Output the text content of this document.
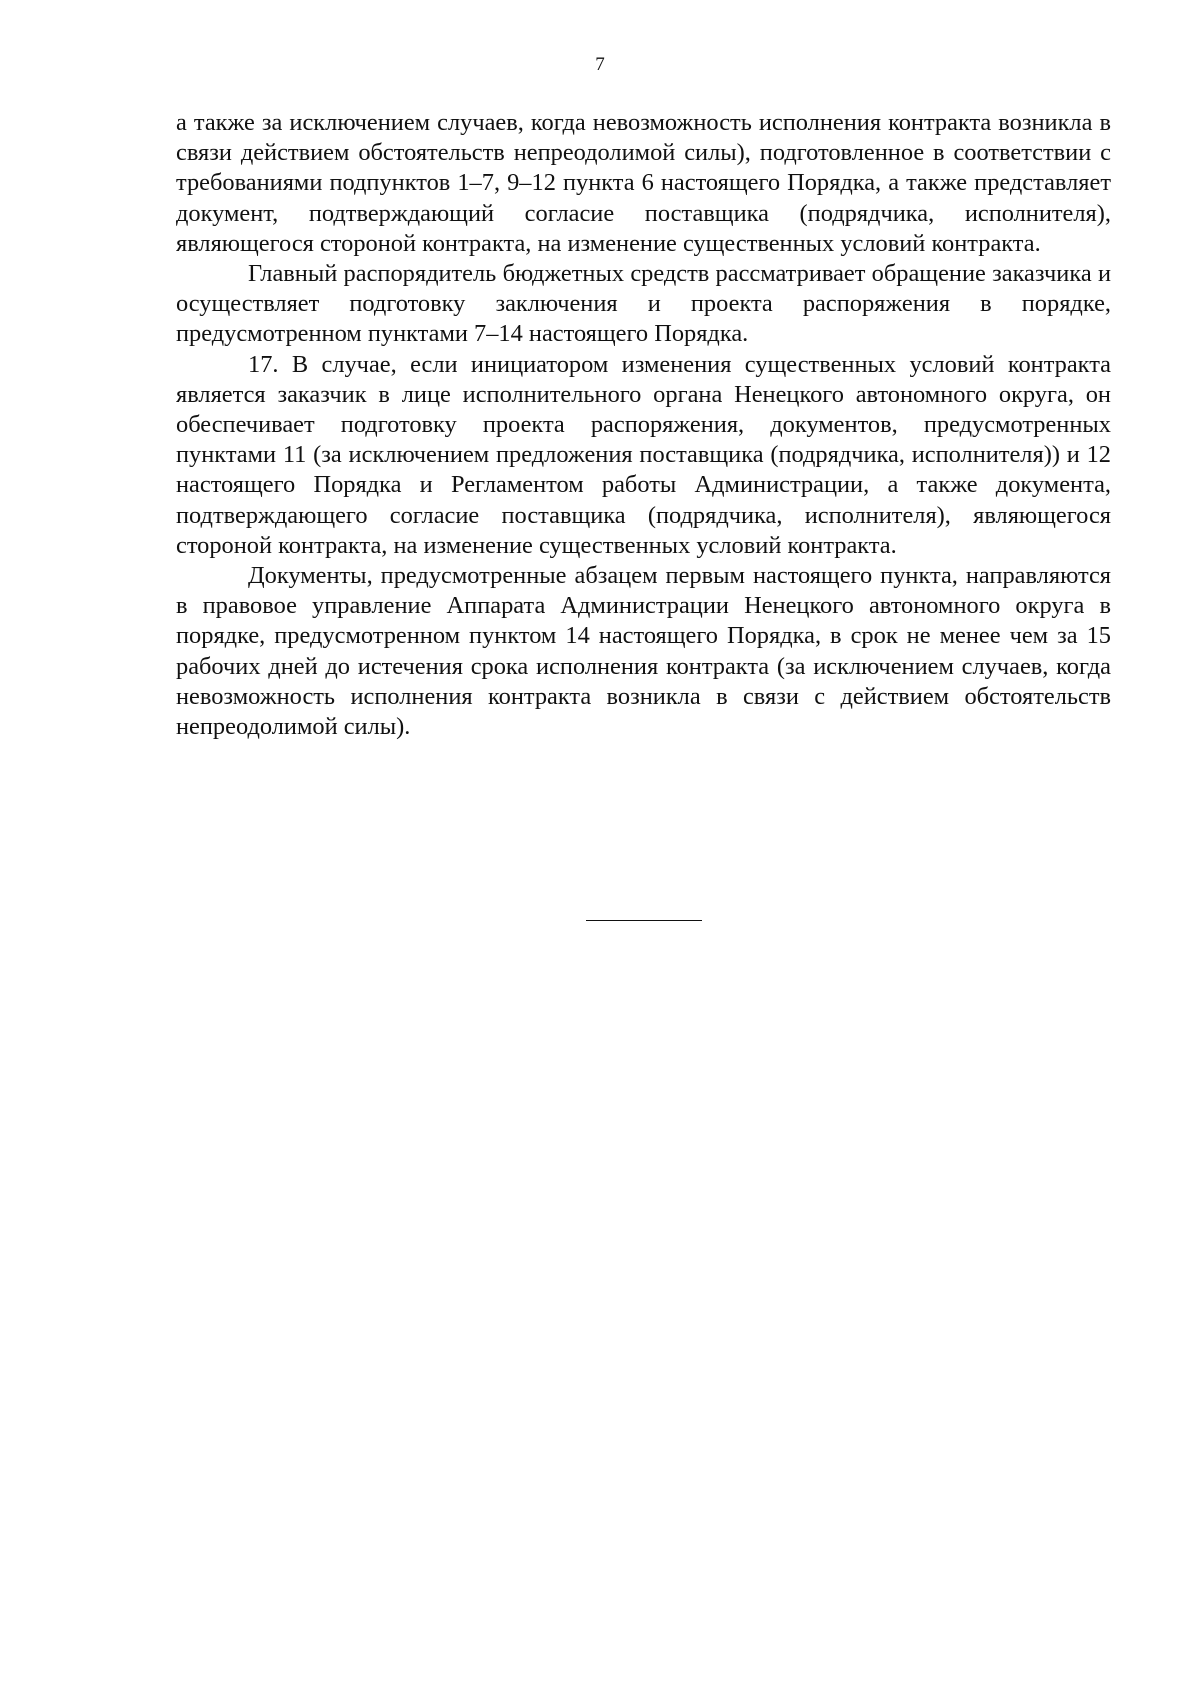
7

а также за исключением случаев, когда невозможность исполнения контракта возникла в связи действием обстоятельств непреодолимой силы), подготовленное в соответствии с требованиями подпунктов 1–7, 9–12 пункта 6 настоящего Порядка, а также представляет документ, подтверждающий согласие поставщика (подрядчика, исполнителя), являющегося стороной контракта, на изменение существенных условий контракта.

Главный распорядитель бюджетных средств рассматривает обращение заказчика и осуществляет подготовку заключения и проекта распоряжения в порядке, предусмотренном пунктами 7–14 настоящего Порядка.

17. В случае, если инициатором изменения существенных условий контракта является заказчик в лице исполнительного органа Ненецкого автономного округа, он обеспечивает подготовку проекта распоряжения, документов, предусмотренных пунктами 11 (за исключением предложения поставщика (подрядчика, исполнителя)) и 12 настоящего Порядка и Регламентом работы Администрации, а также документа, подтверждающего согласие поставщика (подрядчика, исполнителя), являющегося стороной контракта, на изменение существенных условий контракта.

Документы, предусмотренные абзацем первым настоящего пункта, направляются в правовое управление Аппарата Администрации Ненецкого автономного округа в порядке, предусмотренном пунктом 14 настоящего Порядка, в срок не менее чем за 15 рабочих дней до истечения срока исполнения контракта (за исключением случаев, когда невозможность исполнения контракта возникла в связи с действием обстоятельств непреодолимой силы).
